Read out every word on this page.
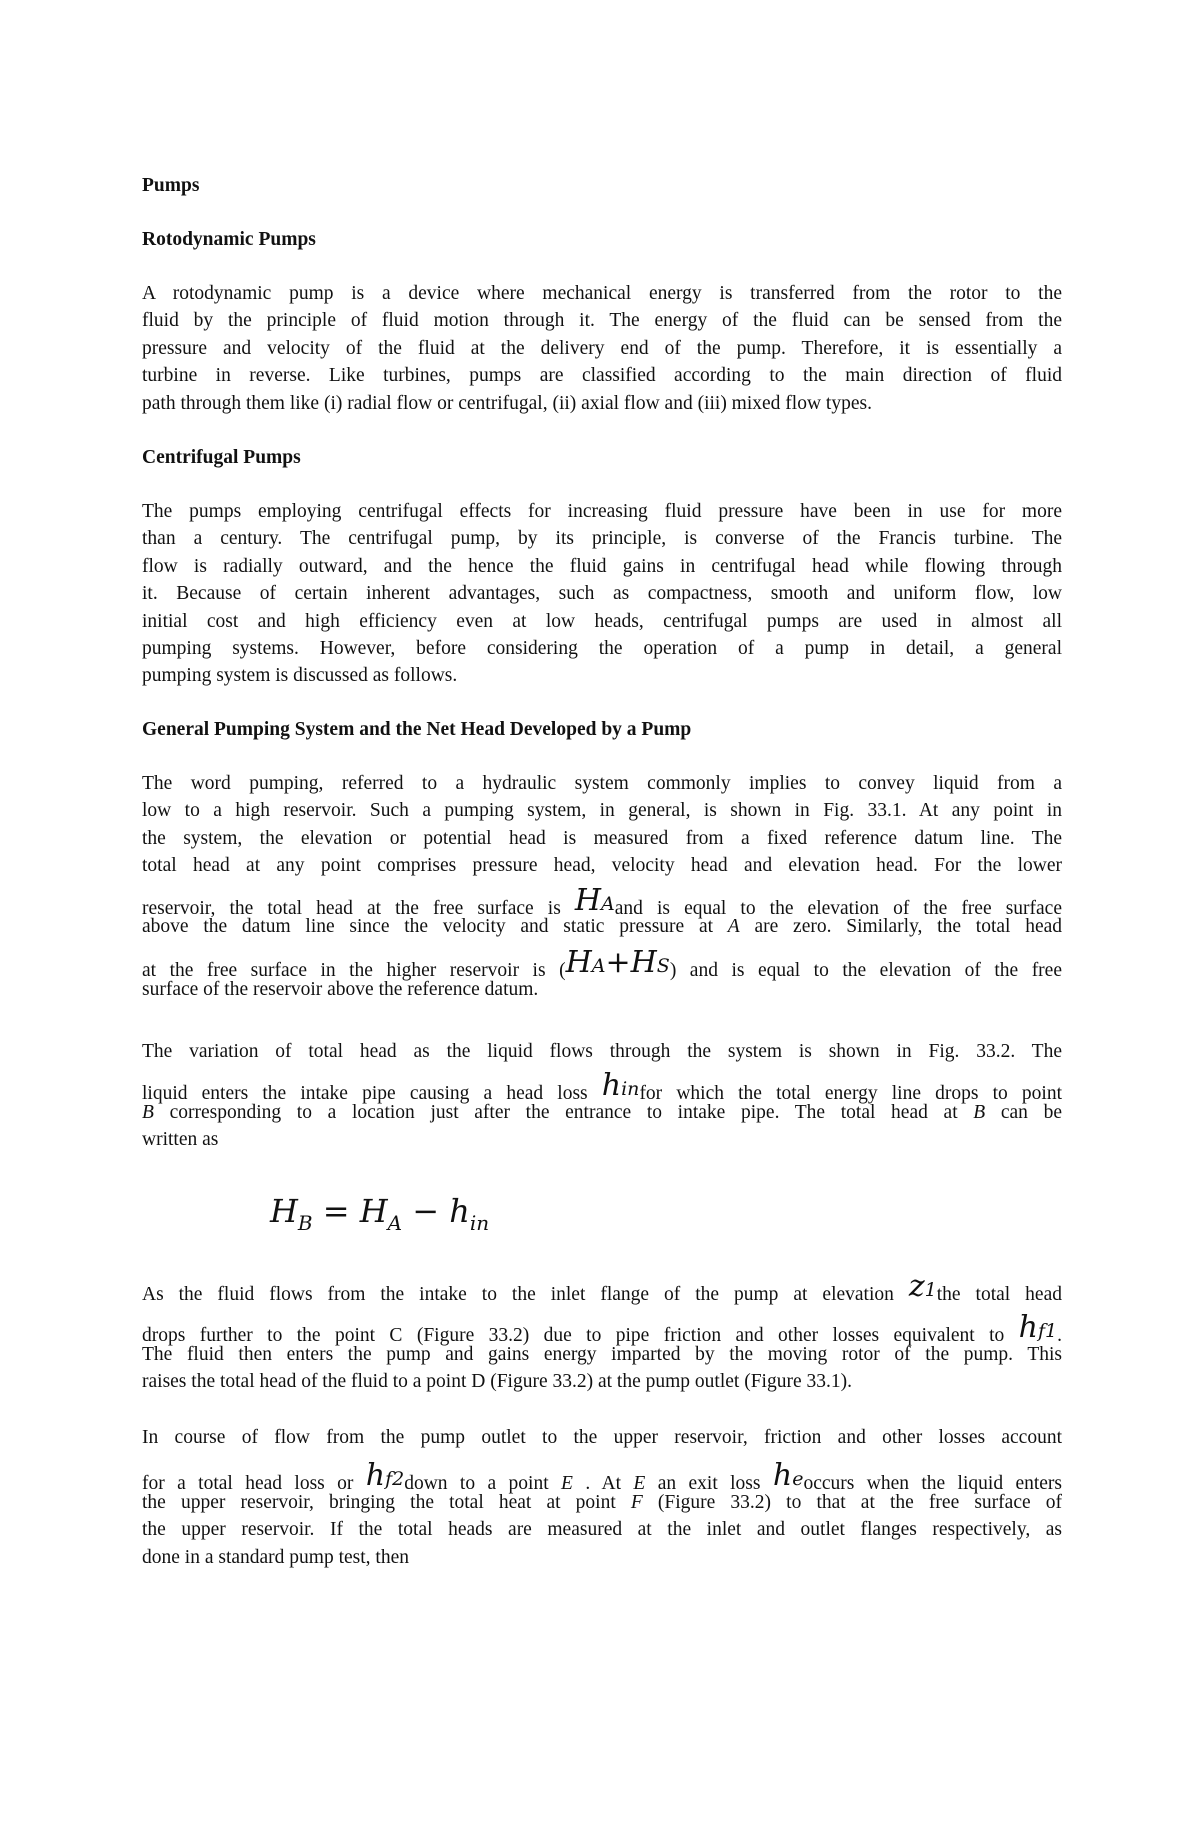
Pumps
Rotodynamic Pumps
A rotodynamic pump is a device where mechanical energy is transferred from the rotor to the
fluid by the principle of fluid motion through it. The energy of the fluid can be sensed from the
pressure and velocity of the fluid at the delivery end of the pump. Therefore, it is essentially a
turbine in reverse. Like turbines, pumps are classified according to the main direction of fluid
path through them like (i) radial flow or centrifugal, (ii) axial flow and (iii) mixed flow types.
Centrifugal Pumps
The pumps employing centrifugal effects for increasing fluid pressure have been in use for more
than a century. The centrifugal pump, by its principle, is converse of the Francis turbine. The
flow is radially outward, and the hence the fluid gains in centrifugal head while flowing through
it. Because of certain inherent advantages, such as compactness, smooth and uniform flow, low
initial cost and high efficiency even at low heads, centrifugal pumps are used in almost all
pumping systems. However, before considering the operation of a pump in detail, a general
pumping system is discussed as follows.
General Pumping System and the Net Head Developed by a Pump
The word pumping, referred to a hydraulic system commonly implies to convey liquid from a
low to a high reservoir. Such a pumping system, in general, is shown in Fig. 33.1. At any point in
the system, the elevation or potential head is measured from a fixed reference datum line. The
total head at any point comprises pressure head, velocity head and elevation head. For the lower
reservoir, the total head at the free surface is HAand is equal to the elevation of the free surface
above the datum line since the velocity and static pressure at A are zero. Similarly, the total head
at the free surface in the higher reservoir is (HA+HS) and is equal to the elevation of the free
surface of the reservoir above the reference datum.
The variation of total head as the liquid flows through the system is shown in Fig. 33.2. The
liquid enters the intake pipe causing a head loss hinfor which the total energy line drops to point
B corresponding to a location just after the entrance to intake pipe. The total head at B can be
written as
$H_B = H_A - h_{in}$
As the fluid flows from the intake to the inlet flange of the pump at elevation z1the total head
drops further to the point C (Figure 33.2) due to pipe friction and other losses equivalent to hf1.
The fluid then enters the pump and gains energy imparted by the moving rotor of the pump. This
raises the total head of the fluid to a point D (Figure 33.2) at the pump outlet (Figure 33.1).
In course of flow from the pump outlet to the upper reservoir, friction and other losses account
for a total head loss or hf2down to a point E . At E an exit loss heoccurs when the liquid enters
the upper reservoir, bringing the total heat at point F (Figure 33.2) to that at the free surface of
the upper reservoir. If the total heads are measured at the inlet and outlet flanges respectively, as
done in a standard pump test, then
